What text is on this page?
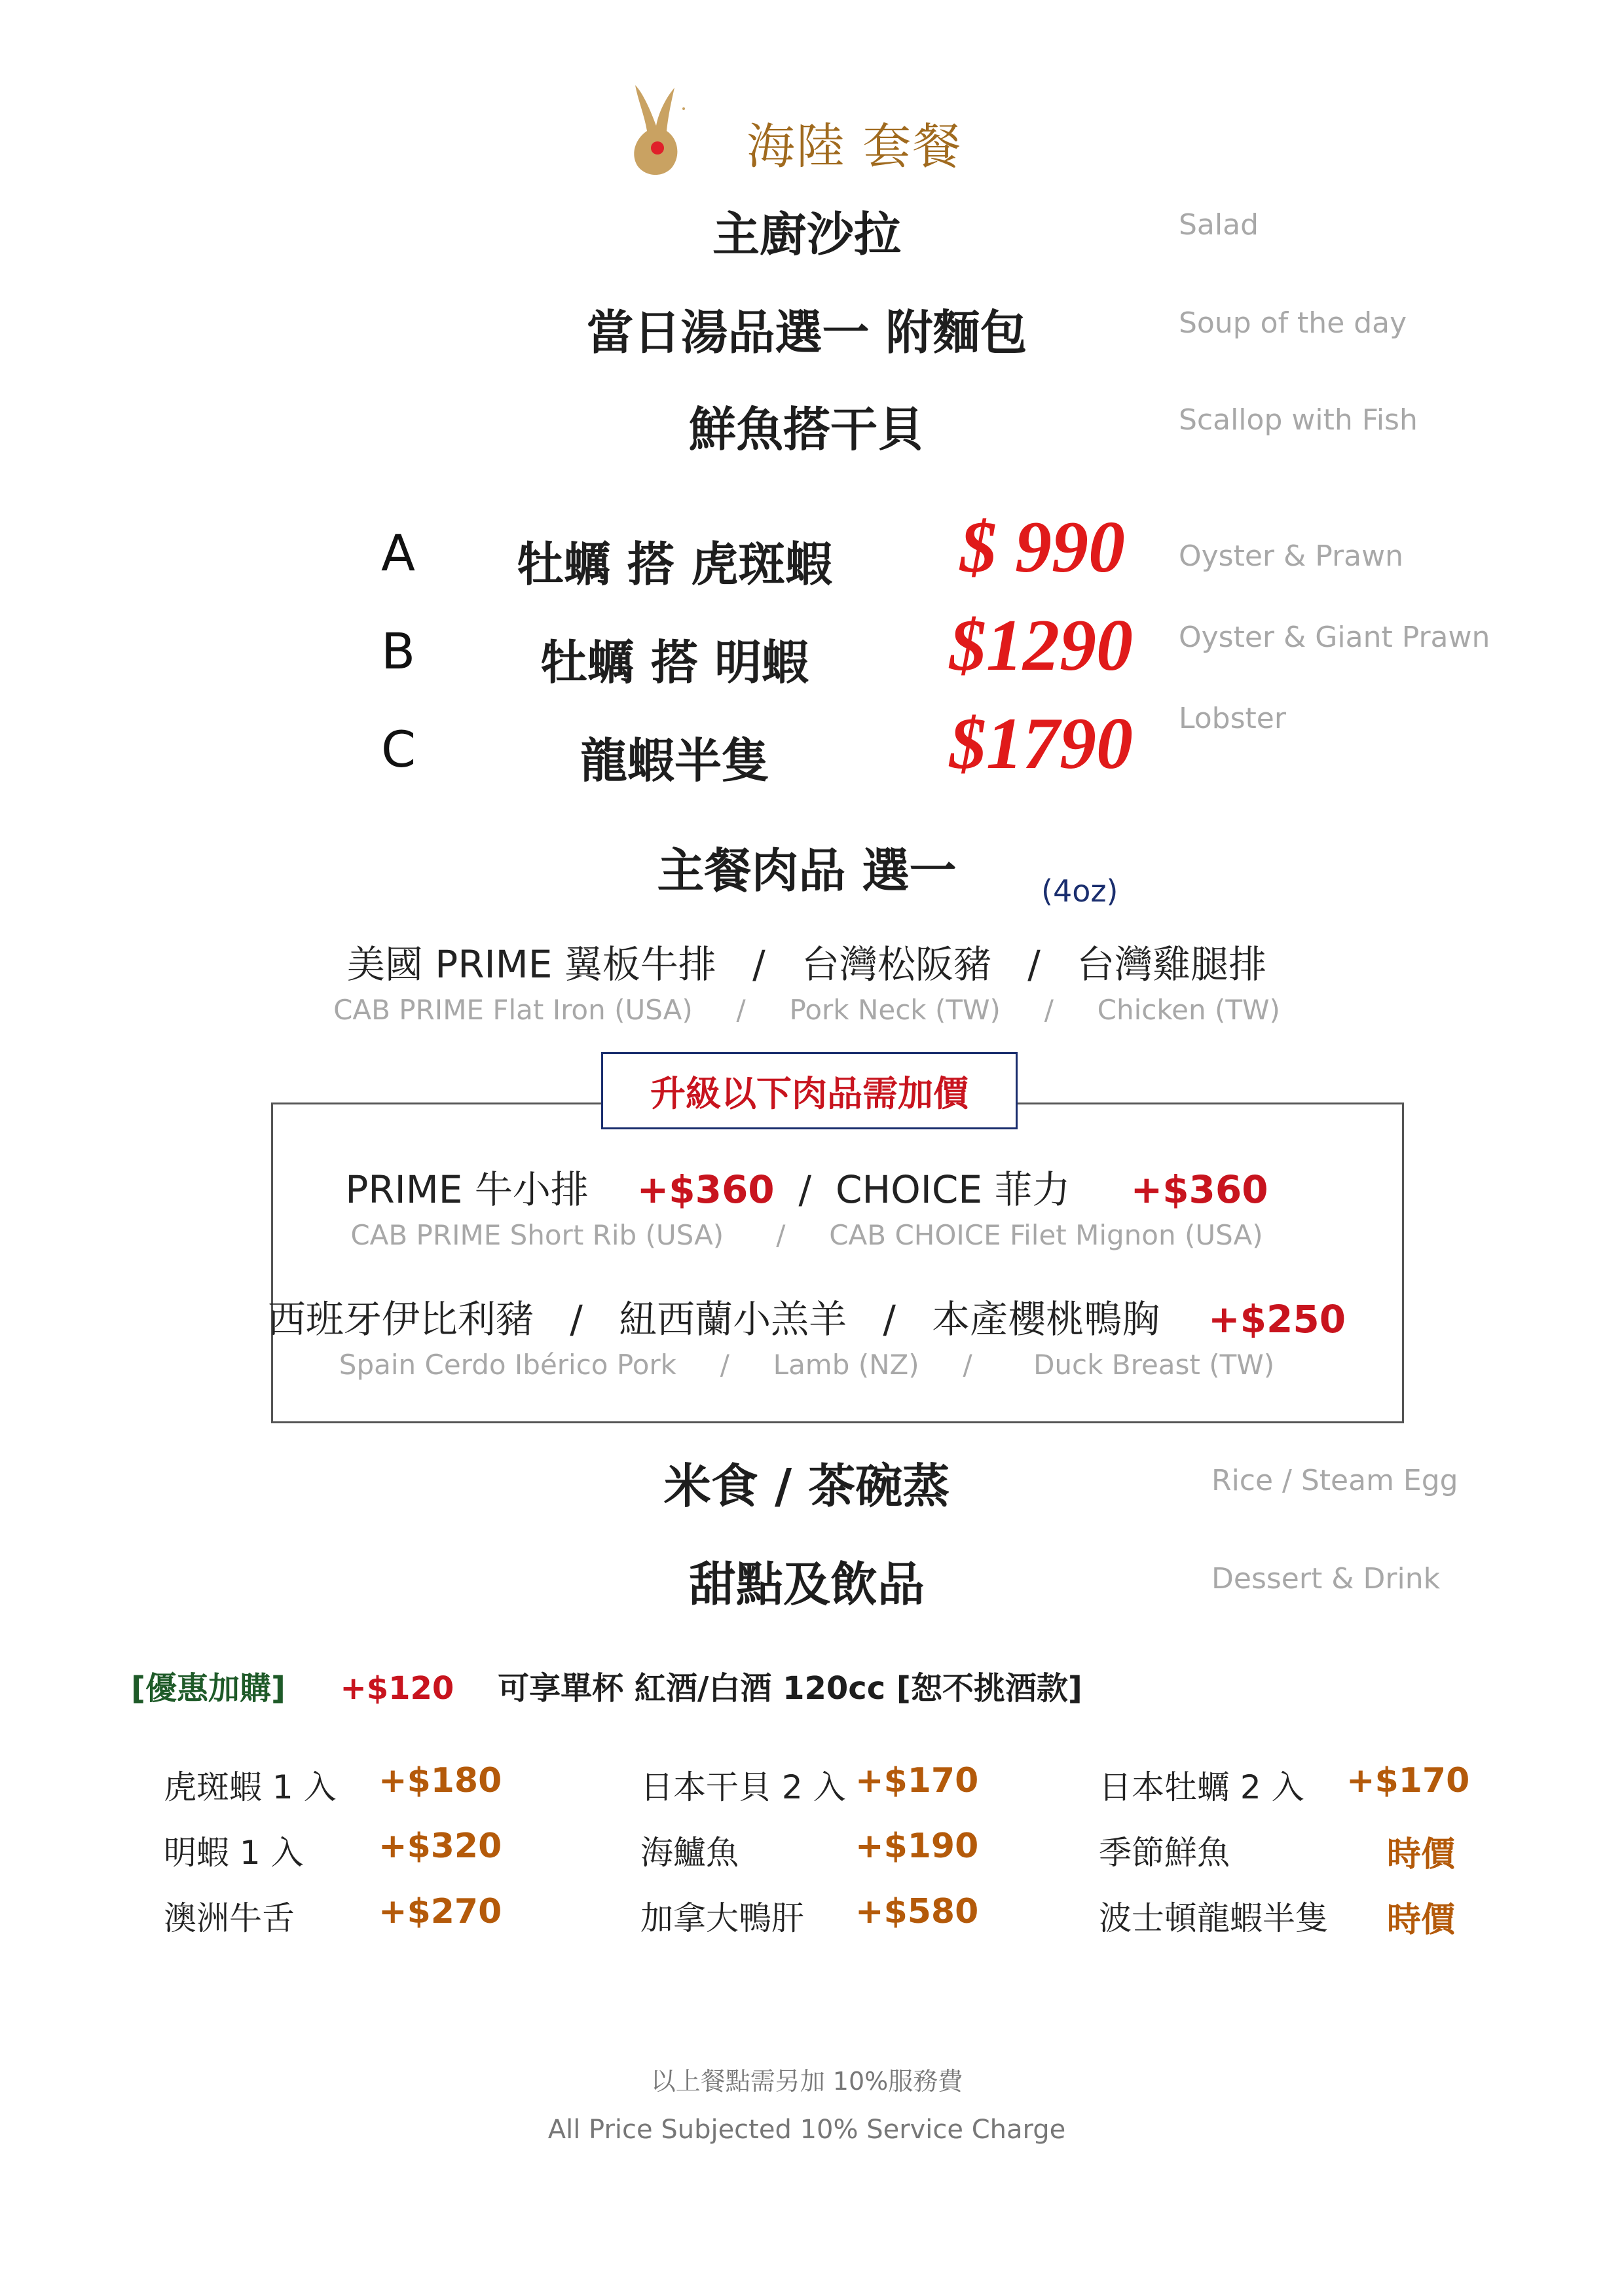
海陸 套餐
主廚沙拉	Salad
當日湯品選一 附麵包	Soup of the day
鮮魚搭干貝	Scallop with Fish
A 牡蠣 搭 虎斑蝦 $ 990 Oyster & Prawn
B	牡蠣 搭 明蝦 $1290 Oyster & Giant Prawn
C	龍蝦半隻 $1790 Lobster
主餐肉品 選一	(4oz)
美國 PRIME 翼板牛排   /   台灣松阪豬   /   台灣雞腿排
CAB PRIME Flat Iron (USA)     /     Pork Neck (TW)     /     Chicken (TW)
升級以下肉品需加價
PRIME 牛小排 +$360  /  CHOICE 菲力 +$360
CAB PRIME Short Rib (USA)      /     CAB CHOICE Filet Mignon (USA)
西班牙伊比利豬   /   紐西蘭小羔羊   /   本產櫻桃鴨胸 +$250
Spain Cerdo Ibérico Pork     /     Lamb (NZ)     /       Duck Breast (TW)
米食 / 茶碗蒸	Rice / Steam Egg
甜點及飲品	Dessert & Drink
[優惠加購] +$120 可享單杯 紅酒/白酒 120cc [恕不挑酒款]
虎斑蝦 1 入 +$180
明蝦 1 入 +$320
澳洲牛舌 +$270
日本干貝 2 入 +$170
海鱸魚	+$190
加拿大鴨肝 +$580
日本牡蠣 2 入 +$170
季節鮮魚	時價
波士頓龍蝦半隻 時價
以上餐點需另加 10%服務費
All Price Subjected 10% Service Charge
